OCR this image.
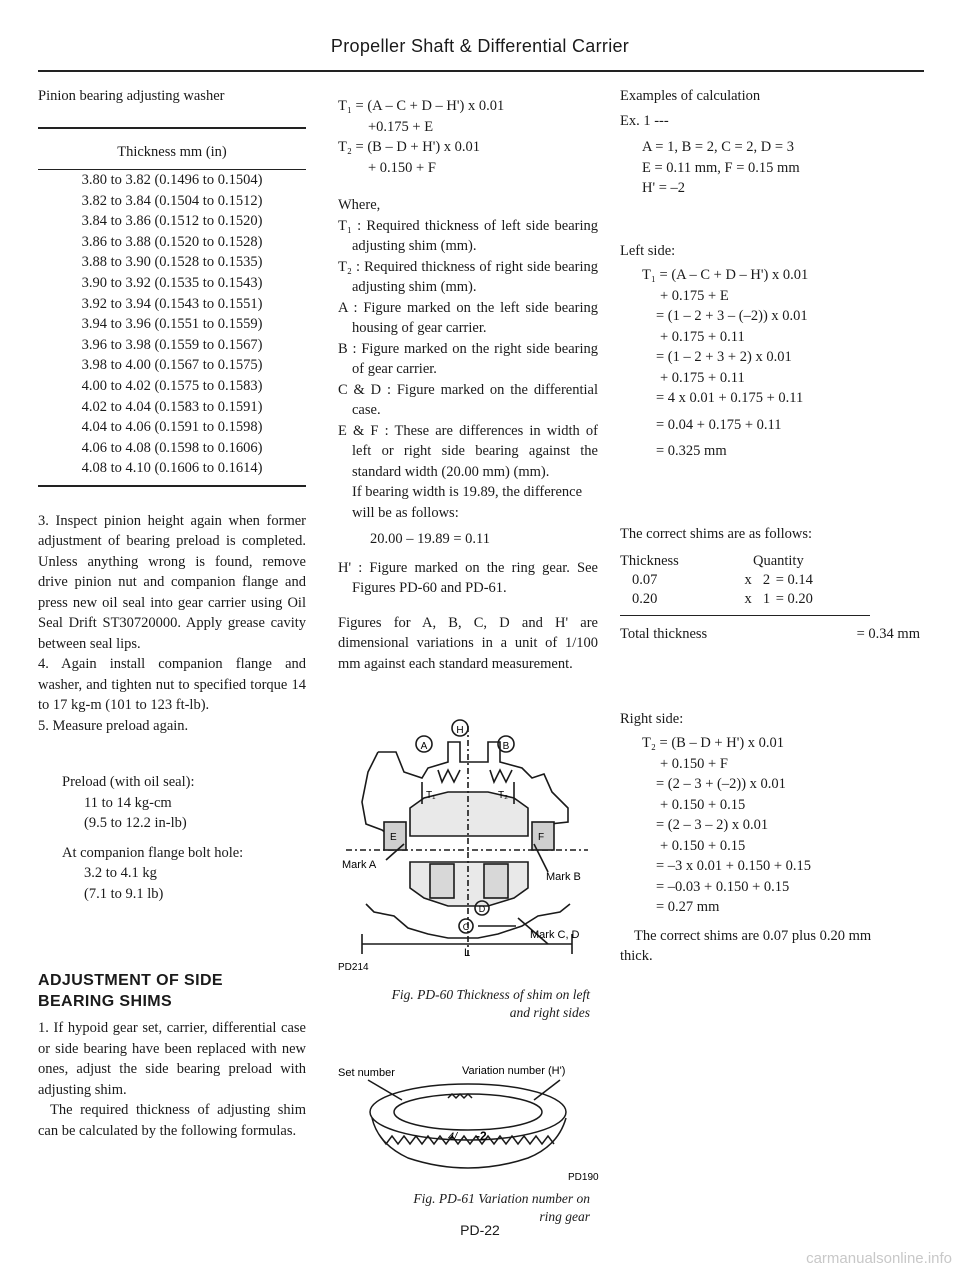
Propeller Shaft & Differential Carrier

Pinion bearing adjusting washer

Thickness mm (in)
3.80 to 3.82 (0.1496 to 0.1504)
3.82 to 3.84 (0.1504 to 0.1512)
3.84 to 3.86 (0.1512 to 0.1520)
3.86 to 3.88 (0.1520 to 0.1528)
3.88 to 3.90 (0.1528 to 0.1535)
3.90 to 3.92 (0.1535 to 0.1543)
3.92 to 3.94 (0.1543 to 0.1551)
3.94 to 3.96 (0.1551 to 0.1559)
3.96 to 3.98 (0.1559 to 0.1567)
3.98 to 4.00 (0.1567 to 0.1575)
4.00 to 4.02 (0.1575 to 0.1583)
4.02 to 4.04 (0.1583 to 0.1591)
4.04 to 4.06 (0.1591 to 0.1598)
4.06 to 4.08 (0.1598 to 0.1606)
4.08 to 4.10 (0.1606 to 0.1614)

3. Inspect pinion height again when former adjustment of bearing preload is completed. Unless anything wrong is found, remove drive pinion nut and companion flange and press new oil seal into gear carrier using Oil Seal Drift ST30720000. Apply grease cavity between seal lips.

4. Again install companion flange and washer, and tighten nut to specified torque 14 to 17 kg-m (101 to 123 ft-lb).

5. Measure preload again.

Preload (with oil seal):

11 to 14 kg-cm

(9.5 to 12.2 in-lb)

At companion flange bolt hole:

3.2 to 4.1 kg

(7.1 to 9.1 lb)

ADJUSTMENT OF SIDE

BEARING SHIMS

1. If hypoid gear set, carrier, differential case or side bearing have been replaced with new ones, adjust the side bearing preload with adjusting shim.

The required thickness of adjusting shim can be calculated by the following formulas.

T₁ = (A – C + D – H') x 0.01

+0.175 + E

T₂ = (B – D + H') x 0.01

+ 0.150 + F

Where,

T₁ : Required thickness of left side bearing adjusting shim (mm).

T₂ : Required thickness of right side bearing adjusting shim (mm).

A : Figure marked on the left side bearing housing of gear carrier.

B : Figure marked on the right side bearing of gear carrier.

C & D : Figure marked on the differential case.

E & F : These are differences in width of left or right side bearing against the standard width (20.00 mm) (mm).

If bearing width is 19.89, the difference will be as follows:

20.00 – 19.89 = 0.11

H' : Figure marked on the ring gear. See Figures PD-60 and PD-61.

Figures for A, B, C, D and H' are dimensional variations in a unit of 1/100 mm against each standard measurement.

A	B
H
D
C
T₁	T₂
E	F
Mark A
Mark B
Mark C, D
L
PD214

Fig. PD-60 Thickness of shim on left

and right sides

Set number	Variation number (H')
4/ -2
PD190

Fig. PD-61 Variation number on

ring gear

Examples of calculation

Ex. 1 ---

A = 1, B = 2, C = 2, D = 3

E = 0.11 mm, F = 0.15 mm

H' = –2

Left side:

T₁ = (A – C + D – H') x 0.01

+ 0.175 + E

= (1 – 2 + 3 – (–2)) x 0.01

+ 0.175 + 0.11

= (1 – 2 + 3 + 2) x 0.01

+ 0.175 + 0.11

= 4 x 0.01 + 0.175 + 0.11

= 0.04 + 0.175 + 0.11

= 0.325 mm

The correct shims are as follows:

Thickness	Quantity		
0.07	x	2	= 0.14
0.20	x	1	= 0.20
Total thickness	= 0.34 mm

Right side:

T₂ = (B – D + H') x 0.01

+ 0.150 + F

= (2 – 3 + (–2)) x 0.01

+ 0.150 + 0.15

= (2 – 3 – 2) x 0.01

+ 0.150 + 0.15

= –3 x 0.01 + 0.150 + 0.15

= –0.03 + 0.150 + 0.15

= 0.27 mm

The correct shims are 0.07 plus 0.20 mm thick.

PD-22
carmanualsonline.info
